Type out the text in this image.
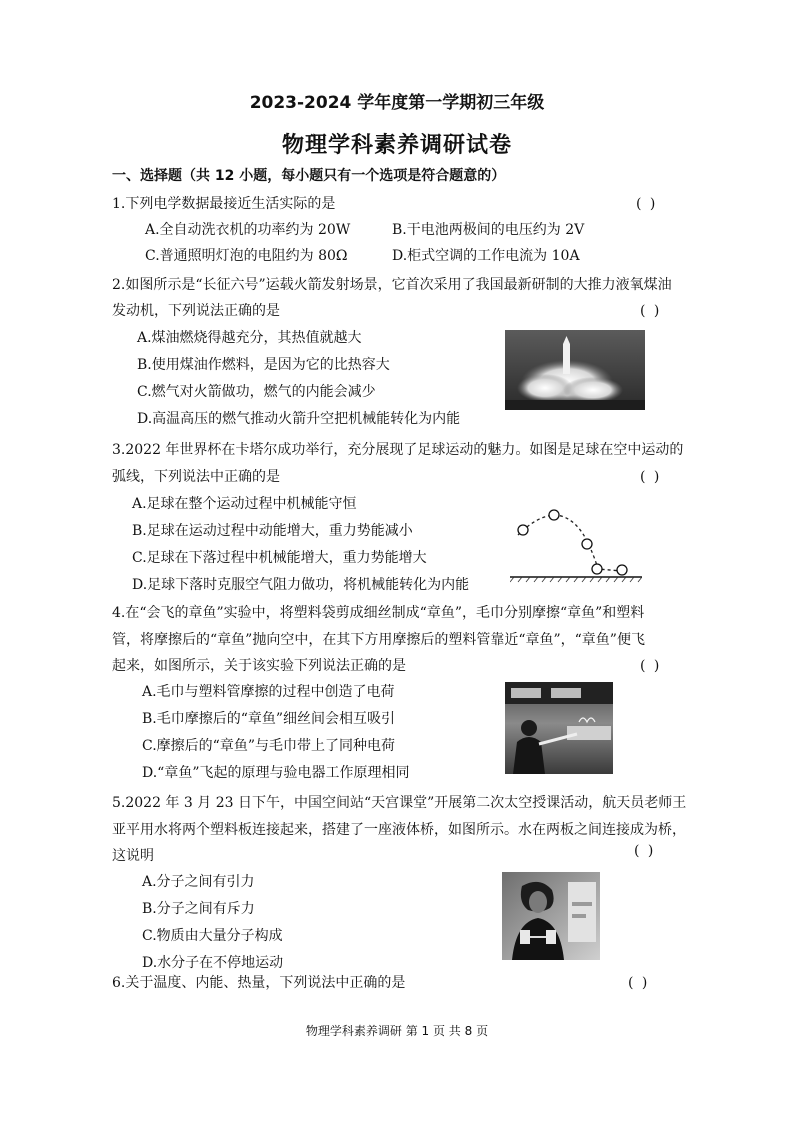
2023-2024 学年度第一学期初三年级
物理学科素养调研试卷
一、选择题（共 12 小题，每小题只有一个选项是符合题意的）
1.下列电学数据最接近生活实际的是	( )
A.全自动洗衣机的功率约为 20W	B.干电池两极间的电压约为 2V
C.普通照明灯泡的电阻约为 80Ω	D.柜式空调的工作电流为 10A
2.如图所示是“长征六号”运载火箭发射场景，它首次采用了我国最新研制的大推力液氧煤油
发动机，下列说法正确的是	( )
A.煤油燃烧得越充分，其热值就越大
B.使用煤油作燃料，是因为它的比热容大
C.燃气对火箭做功，燃气的内能会减少
D.高温高压的燃气推动火箭升空把机械能转化为内能
3.2022 年世界杯在卡塔尔成功举行，充分展现了足球运动的魅力。如图是足球在空中运动的
弧线，下列说法中正确的是	( )
A.足球在整个运动过程中机械能守恒
B.足球在运动过程中动能增大，重力势能减小
C.足球在下落过程中机械能增大，重力势能增大
D.足球下落时克服空气阻力做功，将机械能转化为内能
4.在“会飞的章鱼”实验中，将塑料袋剪成细丝制成“章鱼”，毛巾分别摩擦“章鱼”和塑料
管，将摩擦后的“章鱼”抛向空中，在其下方用摩擦后的塑料管靠近“章鱼”，“章鱼”便飞
起来，如图所示，关于该实验下列说法正确的是	( )
A.毛巾与塑料管摩擦的过程中创造了电荷
B.毛巾摩擦后的“章鱼”细丝间会相互吸引
C.摩擦后的“章鱼”与毛巾带上了同种电荷
D.“章鱼”飞起的原理与验电器工作原理相同
5.2022 年 3 月 23 日下午，中国空间站“天宫课堂”开展第二次太空授课活动，航天员老师王
亚平用水将两个塑料板连接起来，搭建了一座液体桥，如图所示。水在两板之间连接成为桥，
这说明	( )
A.分子之间有引力
B.分子之间有斥力
C.物质由大量分子构成
D.水分子在不停地运动
6.关于温度、内能、热量，下列说法中正确的是	( )
物理学科素养调研 第 1 页 共 8 页
